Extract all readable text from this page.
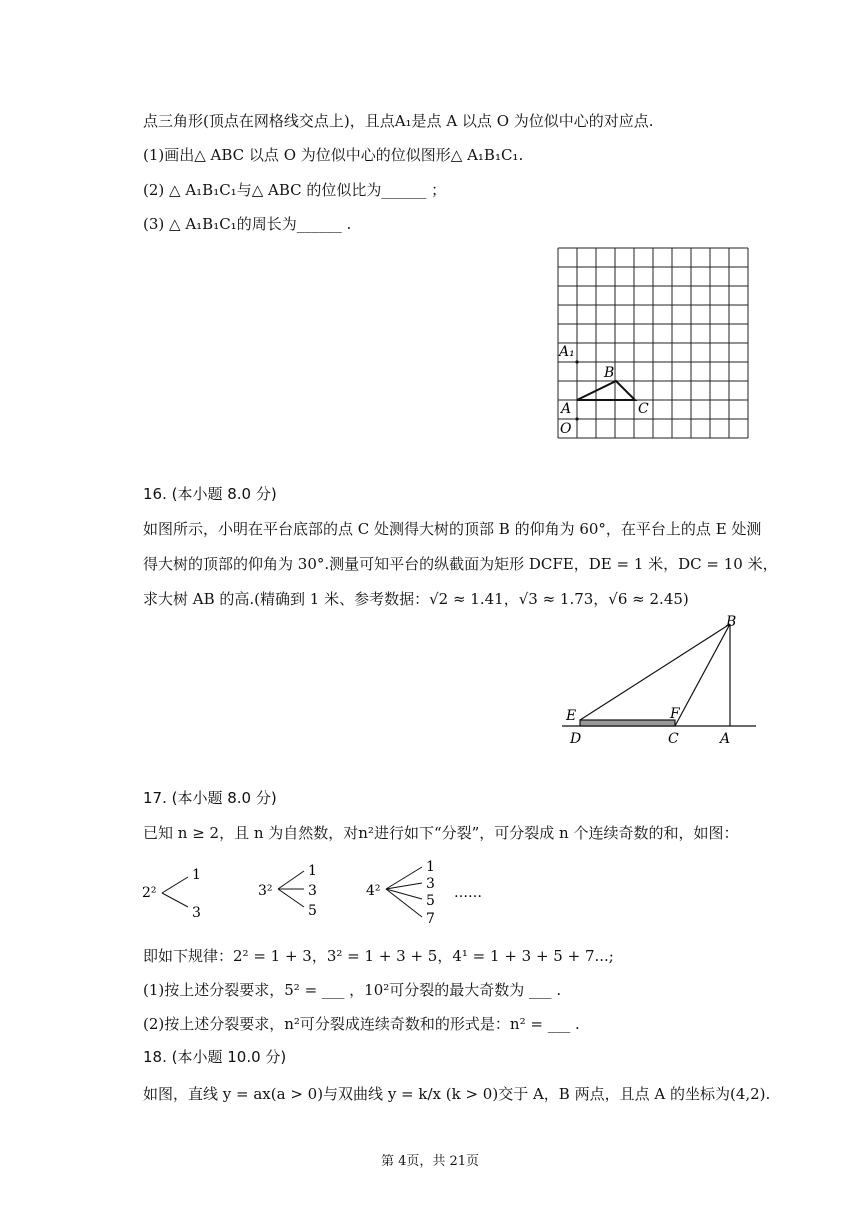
点三角形(顶点在网格线交点上)，且点A₁是点 A 以点 O 为位似中心的对应点.
(1)画出△ ABC 以点 O 为位似中心的位似图形△ A₁B₁C₁.
(2) △ A₁B₁C₁与△ ABC 的位似比为______ ；
(3) △ A₁B₁C₁的周长为______ .
A₁
B
A	C
O
16. (本小题 8.0 分)
如图所示，小明在平台底部的点 C 处测得大树的顶部 B 的仰角为 60°，在平台上的点 E 处测
得大树的顶部的仰角为 30°.测量可知平台的纵截面为矩形 DCFE，DE = 1 米，DC = 10 米，
求大树 AB 的高.(精确到 1 米、参考数据：√2 ≈ 1.41，√3 ≈ 1.73，√6 ≈ 2.45)
B
E	F
D	C	A
17. (本小题 8.0 分)
已知 n ≥ 2，且 n 为自然数，对n²进行如下“分裂”，可分裂成 n 个连续奇数的和，如图：
2²
1
3
3²
1
3
5
4²
1
3
5
7
……
即如下规律：2² = 1 + 3，3² = 1 + 3 + 5，4¹ = 1 + 3 + 5 + 7...;
(1)按上述分裂要求，5² = ___ ，10²可分裂的最大奇数为 ___ .
(2)按上述分裂要求，n²可分裂成连续奇数和的形式是：n² = ___ .
18. (本小题 10.0 分)
如图，直线 y = ax(a > 0)与双曲线 y = k/x (k > 0)交于 A，B 两点，且点 A 的坐标为(4,2).
第 4页，共 21页
